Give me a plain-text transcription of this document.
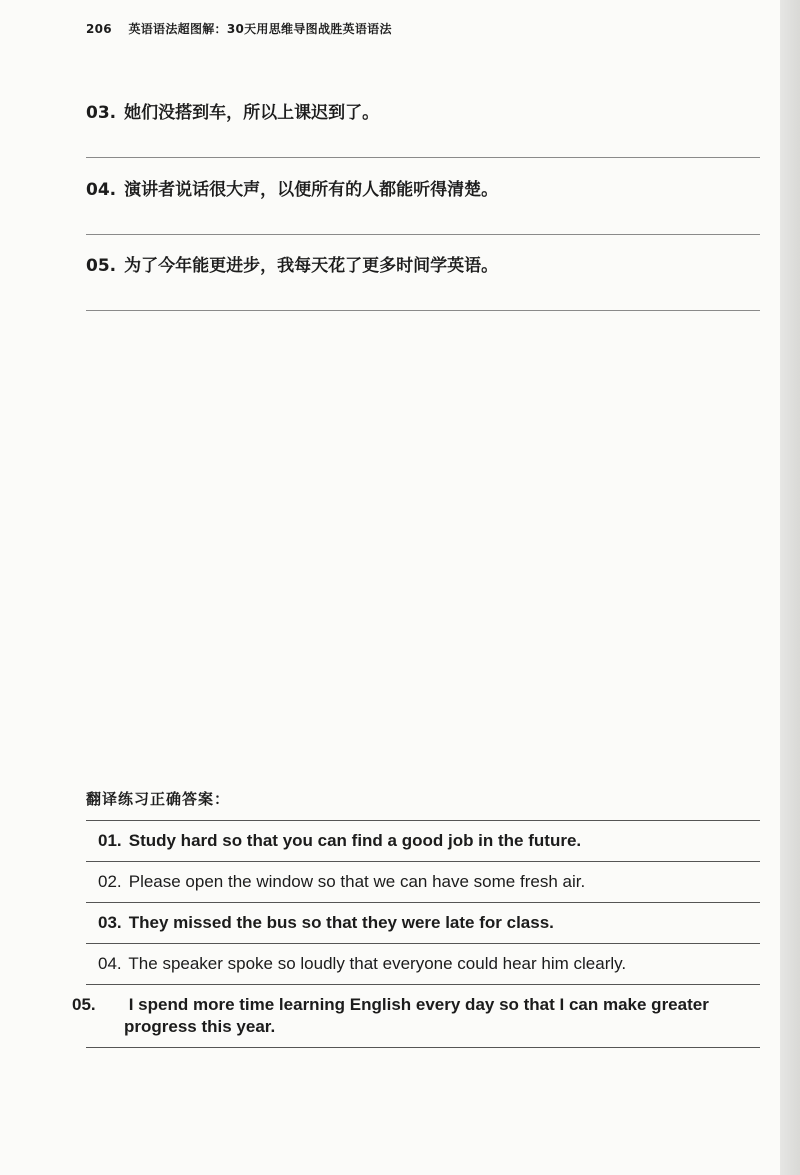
206 英语语法超图解：30天用思维导图战胜英语语法
03. 她们没搭到车，所以上课迟到了。
04. 演讲者说话很大声，以便所有的人都能听得清楚。
05. 为了今年能更进步，我每天花了更多时间学英语。
翻译练习正确答案：
01. Study hard so that you can find a good job in the future.
02. Please open the window so that we can have some fresh air.
03. They missed the bus so that they were late for class.
04. The speaker spoke so loudly that everyone could hear him clearly.
05. I spend more time learning English every day so that I can make greater progress this year.
